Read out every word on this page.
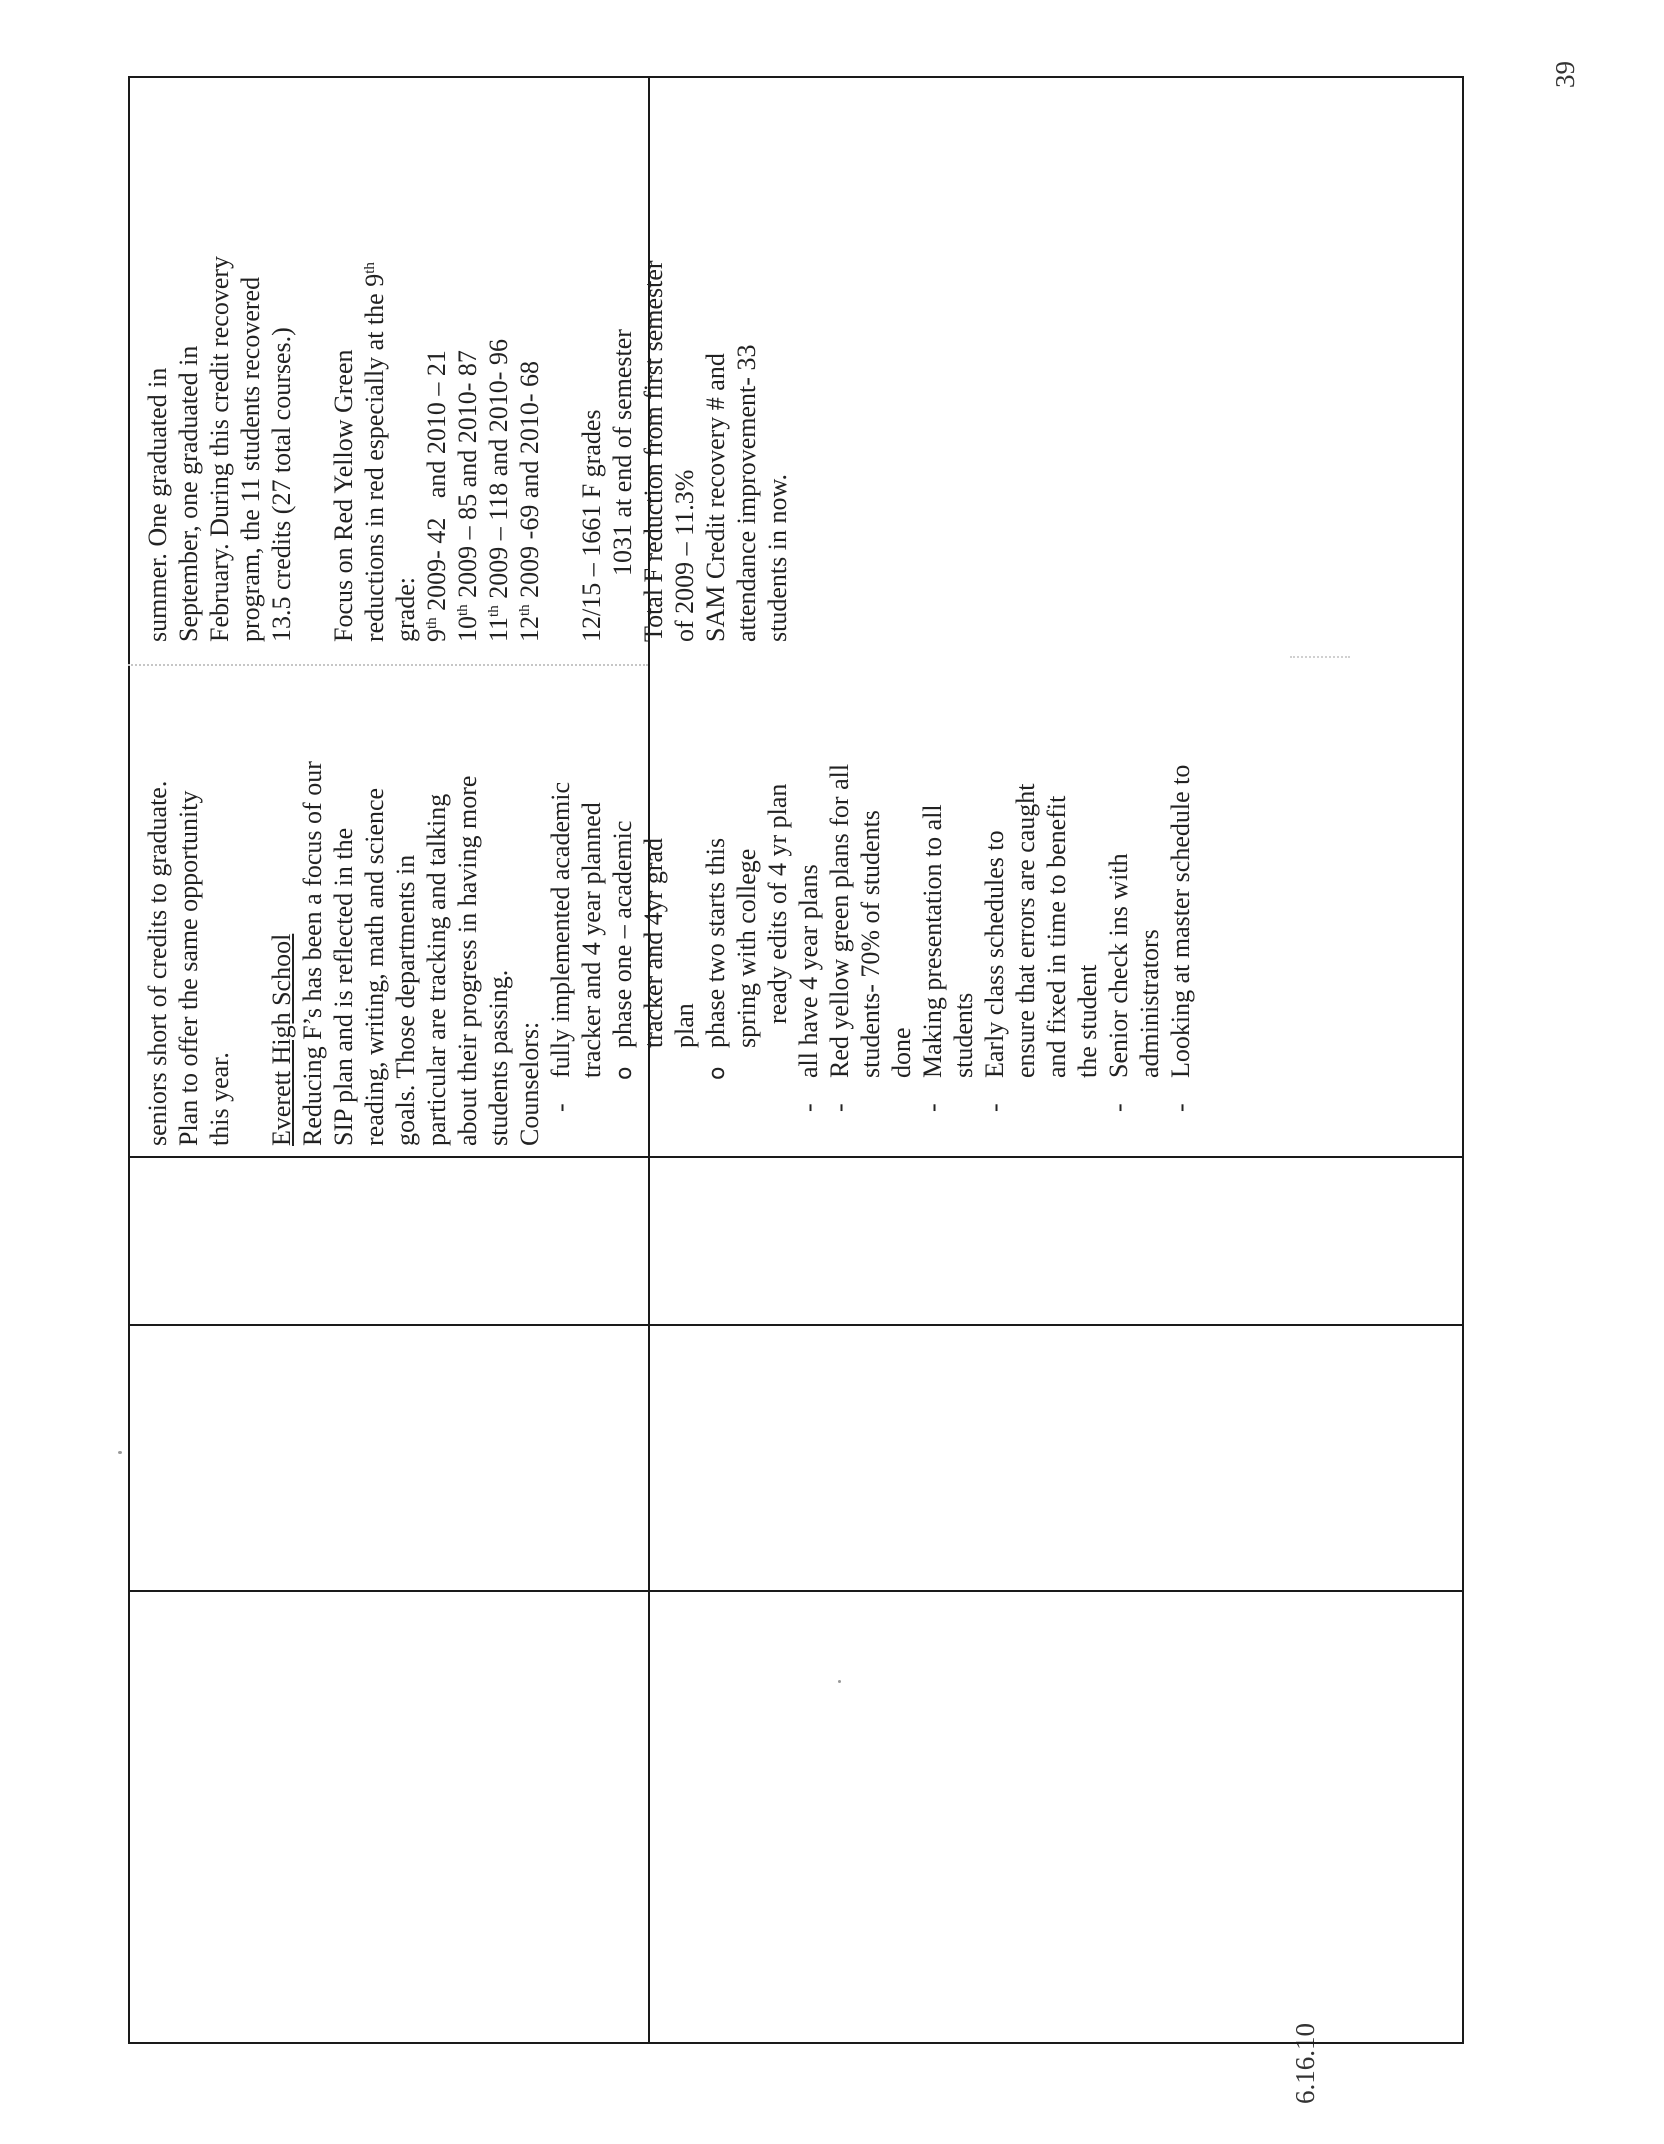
6.16.10
39
summer. One graduated in September, one graduated in February. During this credit recovery program, the 11 students recovered 13.5 credits (27 total courses.) Focus on Red Yellow Green reductions in red especially at the 9th
grade: 9th 2009- 42   and 2010 – 21
10th 2009 – 85 and 2010- 87
11th 2009 – 118 and 2010- 96
12th 2009 -69 and 2010- 68 12/15 – 1661 F grades 1031 at end of semester Total F reduction from first semester of 2009 – 11.3% SAM Credit recovery # and attendance improvement- 33 students in now.
seniors short of credits to graduate. Plan to offer the same opportunity this year. Everett High School Reducing F’s has been a focus of our SIP plan and is reflected in the reading, writing, math and science goals. Those departments in particular are tracking and talking about their progress in having more students passing. Counselors: -fully implemented academic tracker and 4 year planned ophase one – academic tracker and 4yr grad plan
ophase two starts this spring with college ready edits of 4 yr plan
-all have 4 year plans
-Red yellow green plans for all students- 70% of students done
-Making presentation to all students
-Early class schedules to ensure that errors are caught and fixed in time to benefit the student
-Senior check ins with administrators
-Looking at master schedule to
